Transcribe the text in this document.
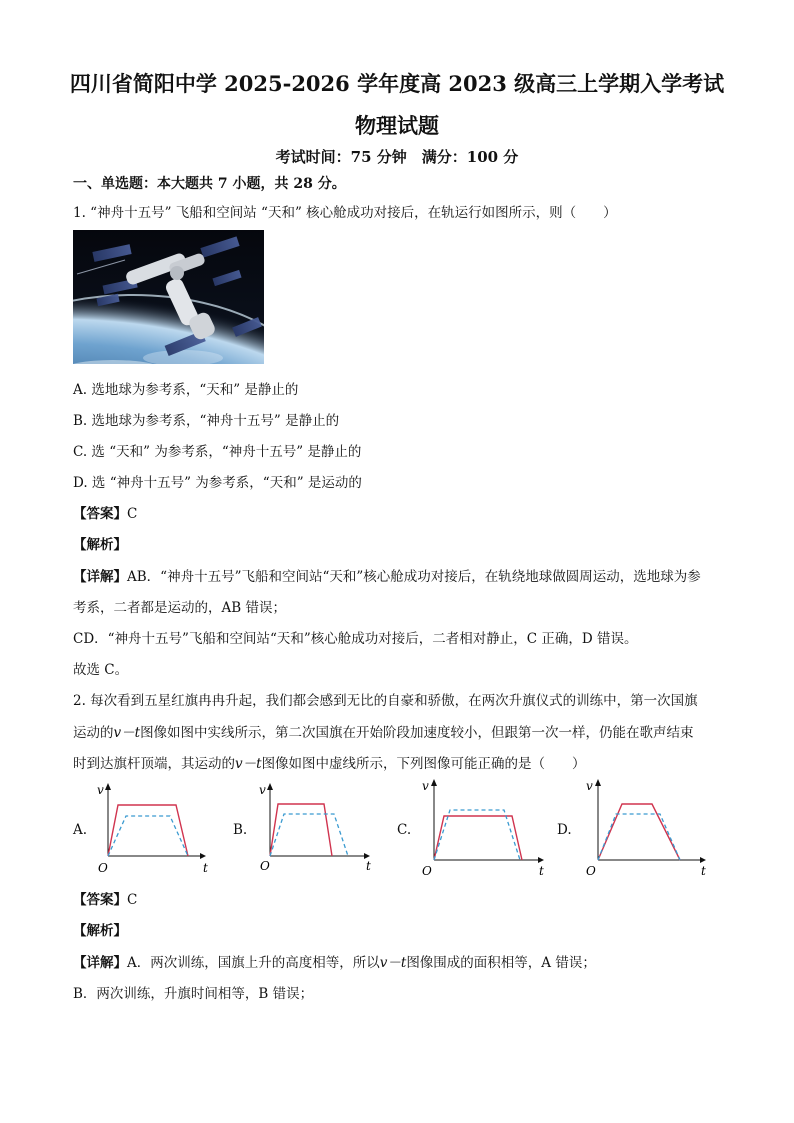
四川省简阳中学 2025-2026 学年度高 2023 级高三上学期入学考试
物理试题
考试时间：75 分钟　满分：100 分
一、单选题：本大题共 7 小题，共 28 分。
1. “神舟十五号” 飞船和空间站 “天和” 核心舱成功对接后，在轨运行如图所示，则（　　）
A. 选地球为参考系，“天和” 是静止的
B. 选地球为参考系，“神舟十五号” 是静止的
C. 选 “天和” 为参考系，“神舟十五号” 是静止的
D. 选 “神舟十五号” 为参考系，“天和” 是运动的
【答案】C
【解析】
【详解】AB．“神舟十五号”飞船和空间站“天和”核心舱成功对接后，在轨绕地球做圆周运动，选地球为参
考系，二者都是运动的，AB 错误；
CD．“神舟十五号”飞船和空间站“天和”核心舱成功对接后，二者相对静止，C 正确，D 错误。
故选 C。
2. 每次看到五星红旗冉冉升起，我们都会感到无比的自豪和骄傲，在两次升旗仪式的训练中，第一次国旗
运动的v－t图像如图中实线所示，第二次国旗在开始阶段加速度较小，但跟第一次一样，仍能在歌声结束
时到达旗杆顶端，其运动的v－t图像如图中虚线所示，下列图像可能正确的是（　　）
A.	B.	C.	D.
v
t
O
v
t
O
v
t
O
v
t
O
【答案】C
【解析】
【详解】A．两次训练，国旗上升的高度相等，所以v－t图像围成的面积相等，A 错误；
B．两次训练，升旗时间相等，B 错误；
